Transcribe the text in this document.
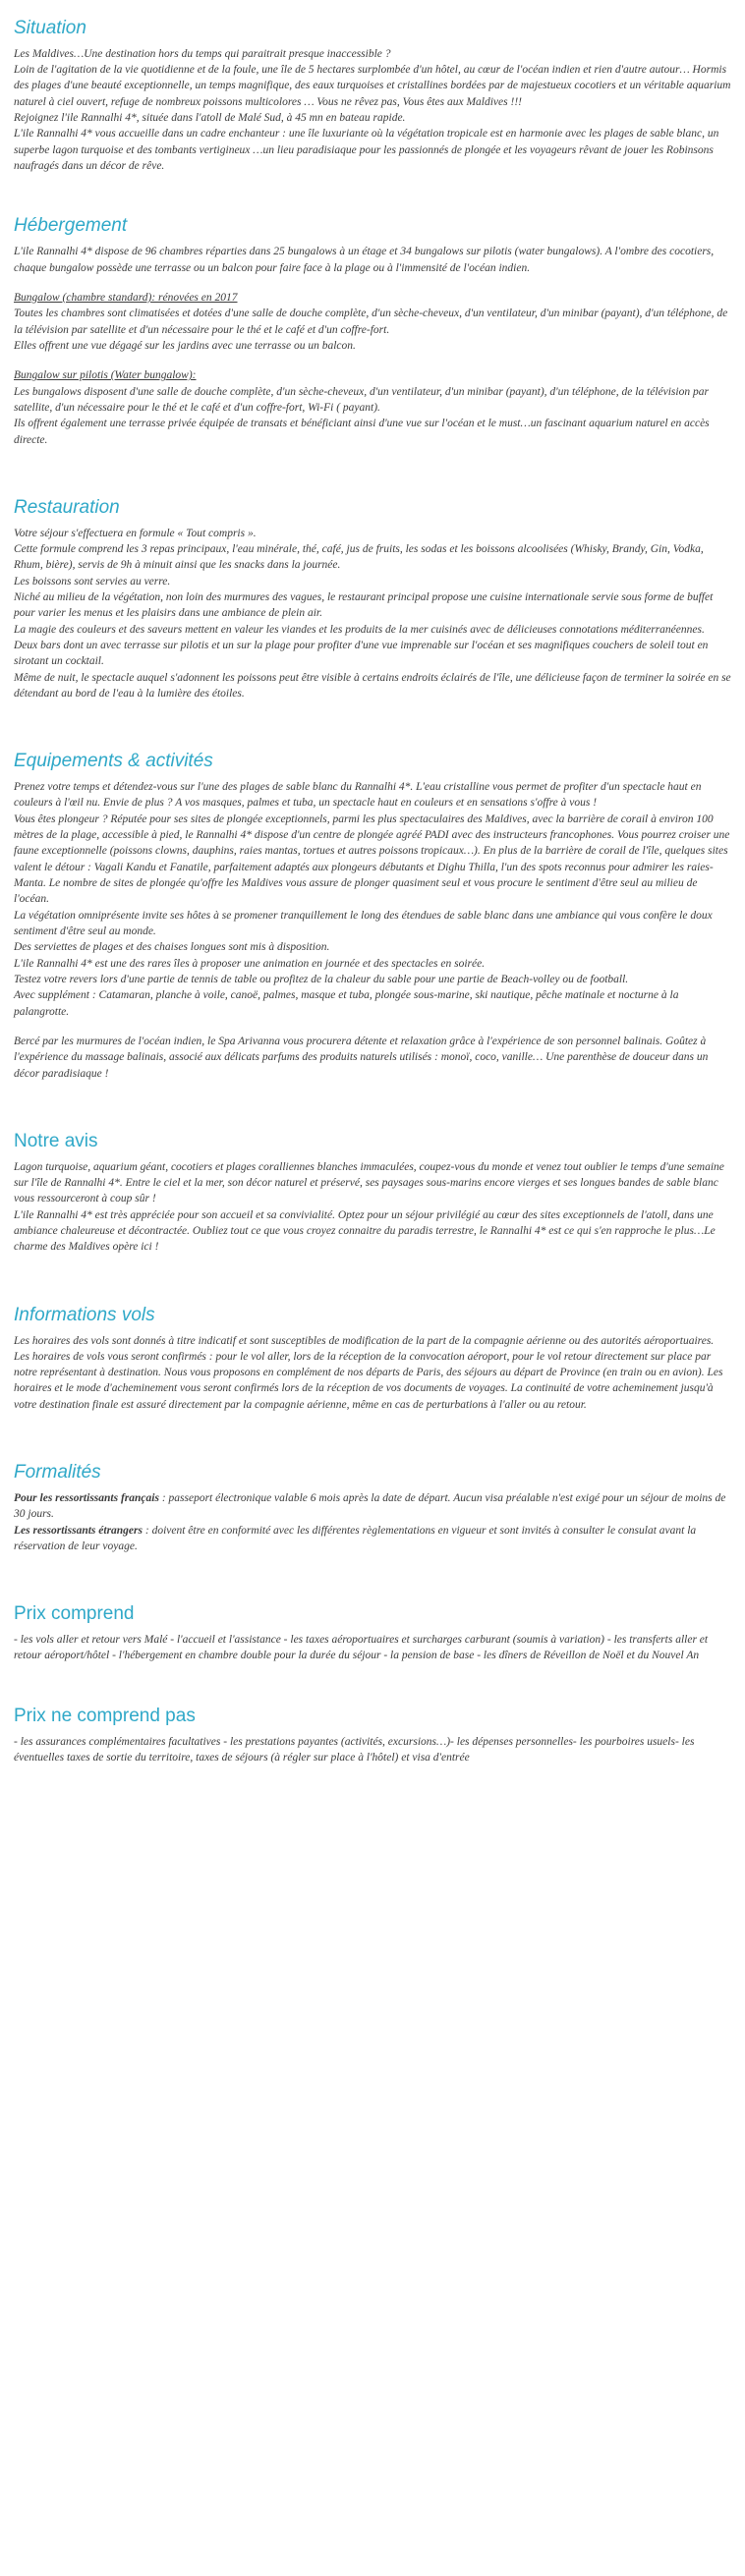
Situation

Les Maldives…Une destination hors du temps qui paraitrait presque inaccessible ?

Loin de l'agitation de la vie quotidienne et de la foule, une île de 5 hectares surplombée d'un hôtel, au cœur de l'océan indien et rien d'autre autour… Hormis des plages d'une beauté exceptionnelle, un temps magnifique, des eaux turquoises et cristallines bordées par de majestueux cocotiers et un véritable aquarium naturel à ciel ouvert, refuge de nombreux poissons multicolores … Vous ne rêvez pas, Vous êtes aux Maldives !!!

Rejoignez l'ile Rannalhi 4*, située dans l'atoll de Malé Sud, à 45 mn en bateau rapide.

L'ile Rannalhi 4* vous accueille dans un cadre enchanteur : une île luxuriante où la végétation tropicale est en harmonie avec les plages de sable blanc, un superbe lagon turquoise et des tombants vertigineux …un lieu paradisiaque pour les passionnés de plongée et les voyageurs rêvant de jouer les Robinsons naufragés dans un décor de rêve.

Hébergement

L'ile Rannalhi 4* dispose de 96 chambres réparties dans 25 bungalows à un étage et 34 bungalows sur pilotis (water bungalows). A l'ombre des cocotiers, chaque bungalow possède une terrasse ou un balcon pour faire face à la plage ou à l'immensité de l'océan indien.

Bungalow (chambre standard): rénovées en 2017

Toutes les chambres sont climatisées et dotées d'une salle de douche complète, d'un sèche-cheveux, d'un ventilateur, d'un minibar (payant), d'un téléphone, de la télévision par satellite et d'un nécessaire pour le thé et le café et d'un coffre-fort.

Elles offrent une vue dégagé sur les jardins avec une terrasse ou un balcon.

Bungalow sur pilotis (Water bungalow):

Les bungalows disposent d'une salle de douche complète, d'un sèche-cheveux, d'un ventilateur, d'un minibar (payant), d'un téléphone, de la télévision par satellite, d'un nécessaire pour le thé et le café et d'un coffre-fort, Wi-Fi ( payant).

Ils offrent également une terrasse privée équipée de transats et bénéficiant ainsi d'une vue sur l'océan et le must…un fascinant aquarium naturel en accès directe.

Restauration

Votre séjour s'effectuera en formule « Tout compris ».

Cette formule comprend les 3 repas principaux, l'eau minérale, thé, café, jus de fruits, les sodas et les boissons alcoolisées (Whisky, Brandy, Gin, Vodka, Rhum, bière), servis de 9h à minuit ainsi que les snacks dans la journée.

Les boissons sont servies au verre.

Niché au milieu de la végétation, non loin des murmures des vagues, le restaurant principal propose une cuisine internationale servie sous forme de buffet pour varier les menus et les plaisirs dans une ambiance de plein air.

La magie des couleurs et des saveurs mettent en valeur les viandes et les produits de la mer cuisinés avec de délicieuses connotations méditerranéennes.

Deux bars dont un avec terrasse sur pilotis et un sur la plage pour profiter d'une vue imprenable sur l'océan et ses magnifiques couchers de soleil tout en sirotant un cocktail.

Même de nuit, le spectacle auquel s'adonnent les poissons peut être visible à certains endroits éclairés de l'île, une délicieuse façon de terminer la soirée en se détendant au bord de l'eau à la lumière des étoiles.

Equipements & activités

Prenez votre temps et détendez-vous sur l'une des plages de sable blanc du Rannalhi 4*. L'eau cristalline vous permet de profiter d'un spectacle haut en couleurs à l'œil nu. Envie de plus ? A vos masques, palmes et tuba, un spectacle haut en couleurs et en sensations s'offre à vous !

Vous êtes plongeur ? Réputée pour ses sites de plongée exceptionnels, parmi les plus spectaculaires des Maldives, avec la barrière de corail à environ 100 mètres de la plage, accessible à pied, le Rannalhi 4* dispose d'un centre de plongée agréé PADI avec des instructeurs francophones. Vous pourrez croiser une faune exceptionnelle (poissons clowns, dauphins, raies mantas, tortues et autres poissons tropicaux…). En plus de la barrière de corail de l'île, quelques sites valent le détour : Vagali Kandu et Fanatile, parfaitement adaptés aux plongeurs débutants et Dighu Thilla, l'un des spots reconnus pour admirer les raies-Manta. Le nombre de sites de plongée qu'offre les Maldives vous assure de plonger quasiment seul et vous procure le sentiment d'être seul au milieu de l'océan.

La végétation omniprésente invite ses hôtes à se promener tranquillement le long des étendues de sable blanc dans une ambiance qui vous confère le doux sentiment d'être seul au monde.

Des serviettes de plages et des chaises longues sont mis à disposition.

L'ile Rannalhi 4* est une des rares îles à proposer une animation en journée et des spectacles en soirée.

Testez votre revers lors d'une partie de tennis de table ou profitez de la chaleur du sable pour une partie de Beach-volley ou de football.

Avec supplément : Catamaran, planche à voile, canoë, palmes, masque et tuba, plongée sous-marine, ski nautique, pêche matinale et nocturne à la palangrotte.

Bercé par les murmures de l'océan indien, le Spa Arivanna vous procurera détente et relaxation grâce à l'expérience de son personnel balinais. Goûtez à l'expérience du massage balinais, associé aux délicats parfums des produits naturels utilisés : monoï, coco, vanille… Une parenthèse de douceur dans un décor paradisiaque !

Notre avis

Lagon turquoise, aquarium géant, cocotiers et plages coralliennes blanches immaculées, coupez-vous du monde et venez tout oublier le temps d'une semaine sur l'île de Rannalhi 4*. Entre le ciel et la mer, son décor naturel et préservé, ses paysages sous-marins encore vierges et ses longues bandes de sable blanc vous ressourceront à coup sûr !

L'ile Rannalhi 4* est très appréciée pour son accueil et sa convivialité. Optez pour un séjour privilégié au cœur des sites exceptionnels de l'atoll, dans une ambiance chaleureuse et décontractée. Oubliez tout ce que vous croyez connaitre du paradis terrestre, le Rannalhi 4* est ce qui s'en rapproche le plus…Le charme des Maldives opère ici !

Informations vols

Les horaires des vols sont donnés à titre indicatif et sont susceptibles de modification de la part de la compagnie aérienne ou des autorités aéroportuaires. Les horaires de vols vous seront confirmés : pour le vol aller, lors de la réception de la convocation aéroport, pour le vol retour directement sur place par notre représentant à destination. Nous vous proposons en complément de nos départs de Paris, des séjours au départ de Province (en train ou en avion). Les horaires et le mode d'acheminement vous seront confirmés lors de la réception de vos documents de voyages. La continuité de votre acheminement jusqu'à votre destination finale est assuré directement par la compagnie aérienne, même en cas de perturbations à l'aller ou au retour.

Formalités

Pour les ressortissants français : passeport électronique valable 6 mois après la date de départ. Aucun visa préalable n'est exigé pour un séjour de moins de 30 jours.

Les ressortissants étrangers : doivent être en conformité avec les différentes règlementations en vigueur et sont invités à consulter le consulat avant la réservation de leur voyage.

Prix comprend

- les vols aller et retour vers Malé - l'accueil et l'assistance - les taxes aéroportuaires et surcharges carburant (soumis à variation) - les transferts aller et retour aéroport/hôtel - l'hébergement en chambre double pour la durée du séjour - la pension de base - les dîners de Réveillon de Noël et du Nouvel An

Prix ne comprend pas

- les assurances complémentaires facultatives - les prestations payantes (activités, excursions…)- les dépenses personnelles- les pourboires usuels- les éventuelles taxes de sortie du territoire, taxes de séjours (à régler sur place à l'hôtel) et visa d'entrée
